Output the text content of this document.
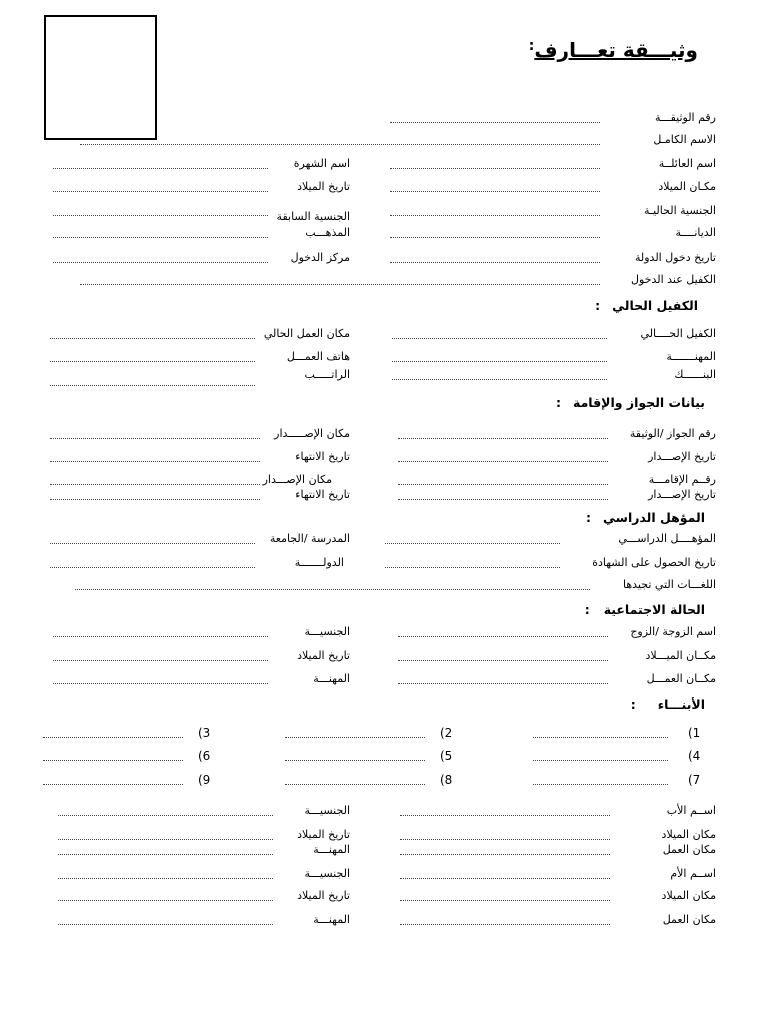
وثيـــقة تعـــارف:
رقم الوثيقـــة
الاسم الكامـل
اسم العائلــة
اسم الشهرة
مكـان الميلاد
تاريخ الميلاد
الجنسية الحاليـة
الجنسية السابقة
الديانــــة
المذهـــب
تاريخ دخول الدولة
مركز الدخول
الكفيل عند الدخول
الكفيل الحالي:
الكفيل الحــــالي
مكان العمل الحالي
المهنـــــــة
هاتف العمـــل
البنــــــك
الراتـــــب
بيانات الجواز والإقامة:
رقم الجواز /الوثيقة
مكان الإصـــــدار
تاريخ الإصـــدار
تاريخ الانتهاء
رقــم الإقامـــة
مكان الإصـــدار
تاريخ الإصـــدار
تاريخ الانتهاء
المؤهل الدراسي:
المؤهــــل الدراســـي
المدرسة /الجامعة
تاريخ الحصول على الشهادة
الدولـــــــة
اللغـــات التي تجيدها
الحالة الاجتماعية:
اسم الزوجة /الزوج
الجنسيـــة
مكــان الميـــلاد
تاريخ الميلاد
مكــان العمـــل
المهنـــة
الأبنـــاء:
(1
(2
(3
(4
(5
(6
(7
(8
(9
اســم الأب
الجنسيـــة
مكان الميلاد
تاريخ الميلاد
مكان العمل
المهنـــة
اســم الأم
الجنسيـــة
مكان الميلاد
تاريخ الميلاد
مكان العمل
المهنـــة
